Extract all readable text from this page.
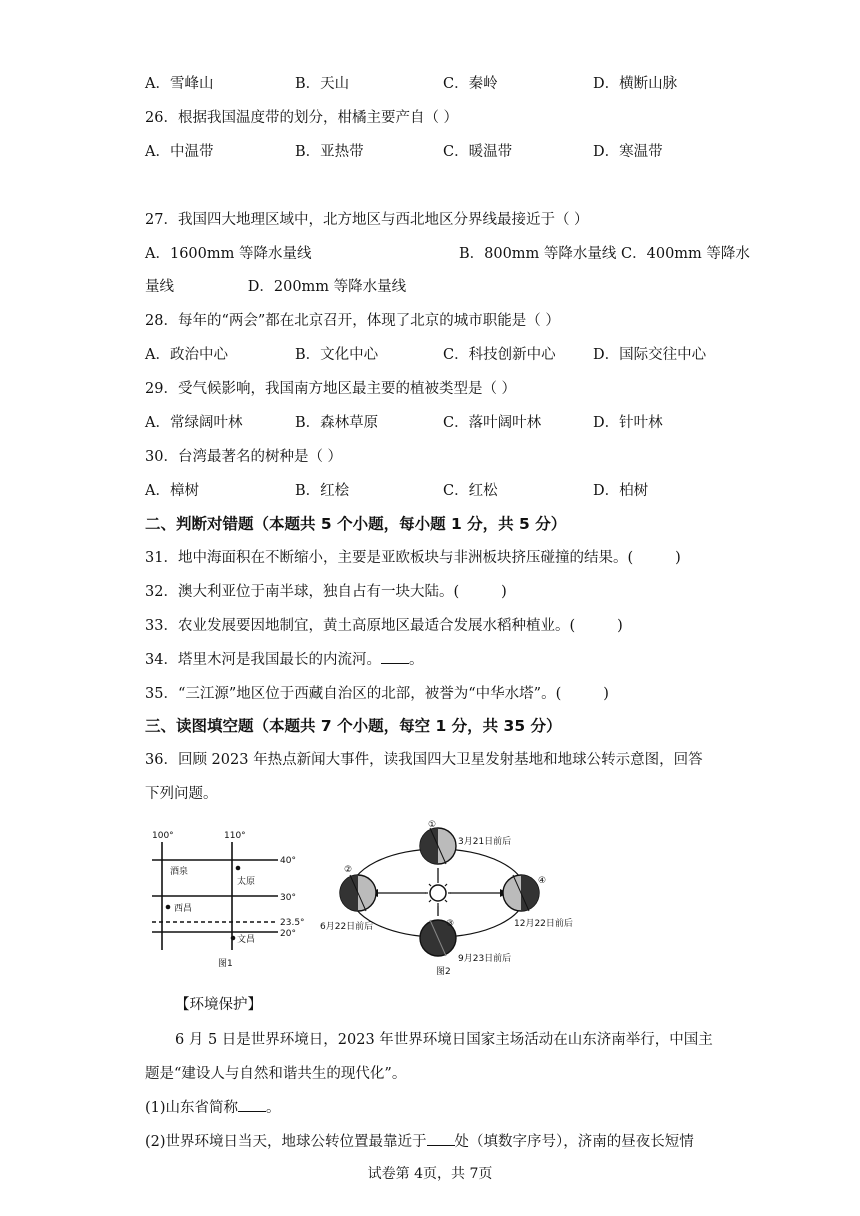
A．雪峰山	B．天山	C．秦岭	D．横断山脉
26．根据我国温度带的划分，柑橘主要产自（ ）
A．中温带	B．亚热带	C．暖温带	D．寒温带
27．我国四大地理区域中，北方地区与西北地区分界线最接近于（ ）
A．1600mm 等降水量线                                B．800mm 等降水量线 C．400mm 等降水
量线                D．200mm 等降水量线
28．每年的“两会”都在北京召开，体现了北京的城市职能是（ ）
A．政治中心	B．文化中心	C．科技创新中心	D．国际交往中心
29．受气候影响，我国南方地区最主要的植被类型是（ ）
A．常绿阔叶林	B．森林草原	C．落叶阔叶林	D．针叶林
30．台湾最著名的树种是（ ）
A．樟树	B．红桧	C．红松	D．柏树
二、判断对错题（本题共 5 个小题，每小题 1 分，共 5 分）
31．地中海面积在不断缩小，主要是亚欧板块与非洲板块挤压碰撞的结果。(	)
32．澳大利亚位于南半球，独自占有一块大陆。(	)
33．农业发展要因地制宜，黄土高原地区最适合发展水稻种植业。(	)
34．塔里木河是我国最长的内流河。 。
35．“三江源”地区位于西藏自治区的北部，被誉为“中华水塔”。(	)
三、读图填空题（本题共 7 个小题，每空 1 分，共 35 分）
36．回顾 2023 年热点新闻大事件，读我国四大卫星发射基地和地球公转示意图，回答
下列问题。
100°	110°
40°
30°
23.5°
20°
酒泉
太原
西昌
文昌
图1
①
②
③
④
3月21日前后
6月22日前后
9月23日前后
12月22日前后
图2
【环境保护】
6 月 5 日是世界环境日，2023 年世界环境日国家主场活动在山东济南举行，中国主
题是“建设人与自然和谐共生的现代化”。
(1)山东省简称 。
(2)世界环境日当天，地球公转位置最靠近于 处（填数字序号），济南的昼夜长短情
试卷第 4页，共 7页
